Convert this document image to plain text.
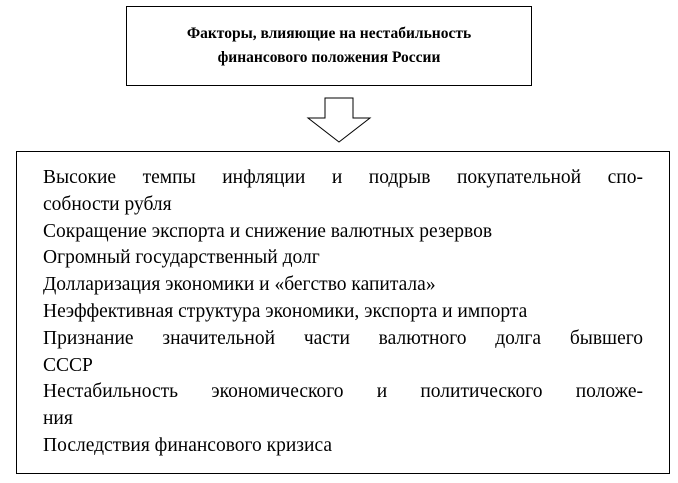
Факторы, влияющие на нестабильность
финансового положения России
Высокие темпы инфляции и подрыв покупательной спо-
собности рубля
Сокращение экспорта и снижение валютных резервов
Огромный государственный долг
Долларизация экономики и «бегство капитала»
Неэффективная структура экономики, экспорта и импорта
Признание значительной части валютного долга бывшего
СССР
Нестабильность экономического и политического положе-
ния
Последствия финансового кризиса
